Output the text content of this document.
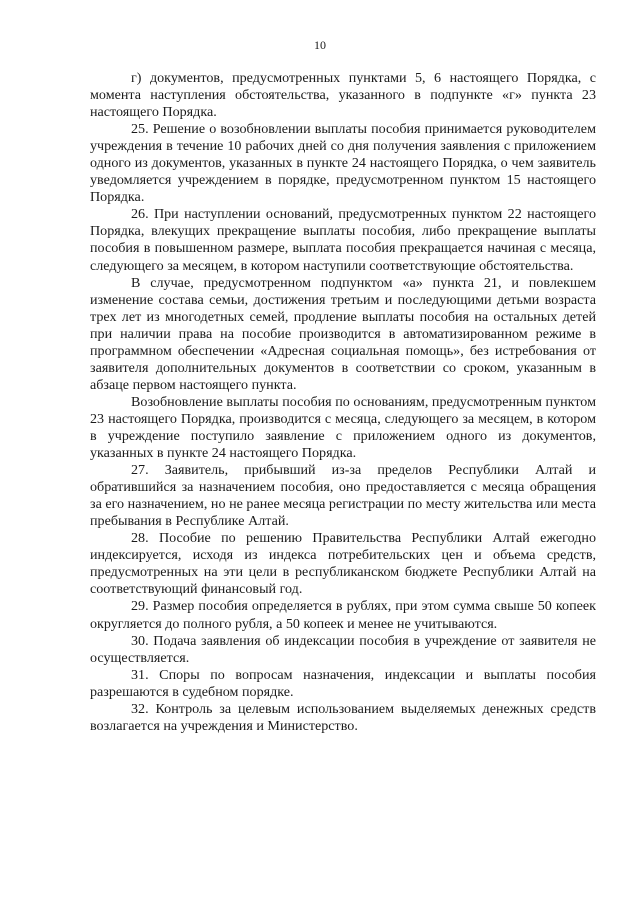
10

г) документов, предусмотренных пунктами 5, 6 настоящего Порядка, с момента наступления обстоятельства, указанного в подпункте «г» пункта 23 настоящего Порядка.

25. Решение о возобновлении выплаты пособия принимается руководителем учреждения в течение 10 рабочих дней со дня получения заявления с приложением одного из документов, указанных в пункте 24 настоящего Порядка, о чем заявитель уведомляется учреждением в порядке, предусмотренном пунктом 15 настоящего Порядка.

26. При наступлении оснований, предусмотренных пунктом 22 настоящего Порядка, влекущих прекращение выплаты пособия, либо прекращение выплаты пособия в повышенном размере, выплата пособия прекращается начиная с месяца, следующего за месяцем, в котором наступили соответствующие обстоятельства.

В случае, предусмотренном подпунктом «а» пункта 21, и повлекшем изменение состава семьи, достижения третьим и последующими детьми возраста трех лет из многодетных семей, продление выплаты пособия на остальных детей при наличии права на пособие производится в автоматизированном режиме в программном обеспечении «Адресная социальная помощь», без истребования от заявителя дополнительных документов в соответствии со сроком, указанным в абзаце первом настоящего пункта.

Возобновление выплаты пособия по основаниям, предусмотренным пунктом 23 настоящего Порядка, производится с месяца, следующего за месяцем, в котором в учреждение поступило заявление с приложением одного из документов, указанных в пункте 24 настоящего Порядка.

27. Заявитель, прибывший из-за пределов Республики Алтай и обратившийся за назначением пособия, оно предоставляется с месяца обращения за его назначением, но не ранее месяца регистрации по месту жительства или места пребывания в Республике Алтай.

28. Пособие по решению Правительства Республики Алтай ежегодно индексируется, исходя из индекса потребительских цен и объема средств, предусмотренных на эти цели в республиканском бюджете Республики Алтай на соответствующий финансовый год.

29. Размер пособия определяется в рублях, при этом сумма свыше 50 копеек округляется до полного рубля, а 50 копеек и менее не учитываются.

30. Подача заявления об индексации пособия в учреждение от заявителя не осуществляется.

31. Споры по вопросам назначения, индексации и выплаты пособия разрешаются в судебном порядке.

32. Контроль за целевым использованием выделяемых денежных средств возлагается на учреждения и Министерство.
